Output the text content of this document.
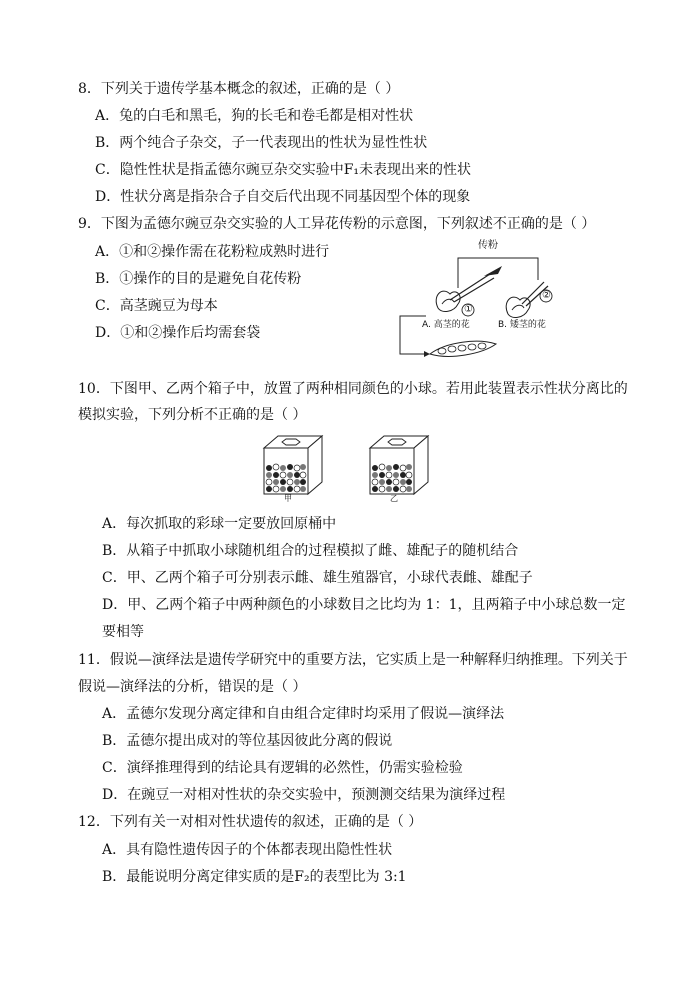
8．下列关于遗传学基本概念的叙述，正确的是（ ）
A．兔的白毛和黑毛，狗的长毛和卷毛都是相对性状
B．两个纯合子杂交，子一代表现出的性状为显性性状
C．隐性性状是指孟德尔豌豆杂交实验中F₁未表现出来的性状
D．性状分离是指杂合子自交后代出现不同基因型个体的现象
9．下图为孟德尔豌豆杂交实验的人工异花传粉的示意图，下列叙述不正确的是（ ）
A．①和②操作需在花粉粒成熟时进行
B．①操作的目的是避免自花传粉
C．高茎豌豆为母本
D．①和②操作后均需套袋
传粉
①
②
A. 高茎的花	B. 矮茎的花
10．下图甲、乙两个箱子中，放置了两种相同颜色的小球。若用此装置表示性状分离比的
模拟实验，下列分析不正确的是（ ）
甲	乙
A．每次抓取的彩球一定要放回原桶中
B．从箱子中抓取小球随机组合的过程模拟了雌、雄配子的随机结合
C．甲、乙两个箱子可分别表示雌、雄生殖器官，小球代表雌、雄配子
D．甲、乙两个箱子中两种颜色的小球数目之比均为 1：1，且两箱子中小球总数一定
要相等
11．假说—演绎法是遗传学研究中的重要方法，它实质上是一种解释归纳推理。下列关于
假说—演绎法的分析，错误的是（ ）
A．孟德尔发现分离定律和自由组合定律时均采用了假说—演绎法
B．孟德尔提出成对的等位基因彼此分离的假说
C．演绎推理得到的结论具有逻辑的必然性，仍需实验检验
D．在豌豆一对相对性状的杂交实验中，预测测交结果为演绎过程
12．下列有关一对相对性状遗传的叙述，正确的是（ ）
A．具有隐性遗传因子的个体都表现出隐性性状
B．最能说明分离定律实质的是F₂的表型比为 3:1
